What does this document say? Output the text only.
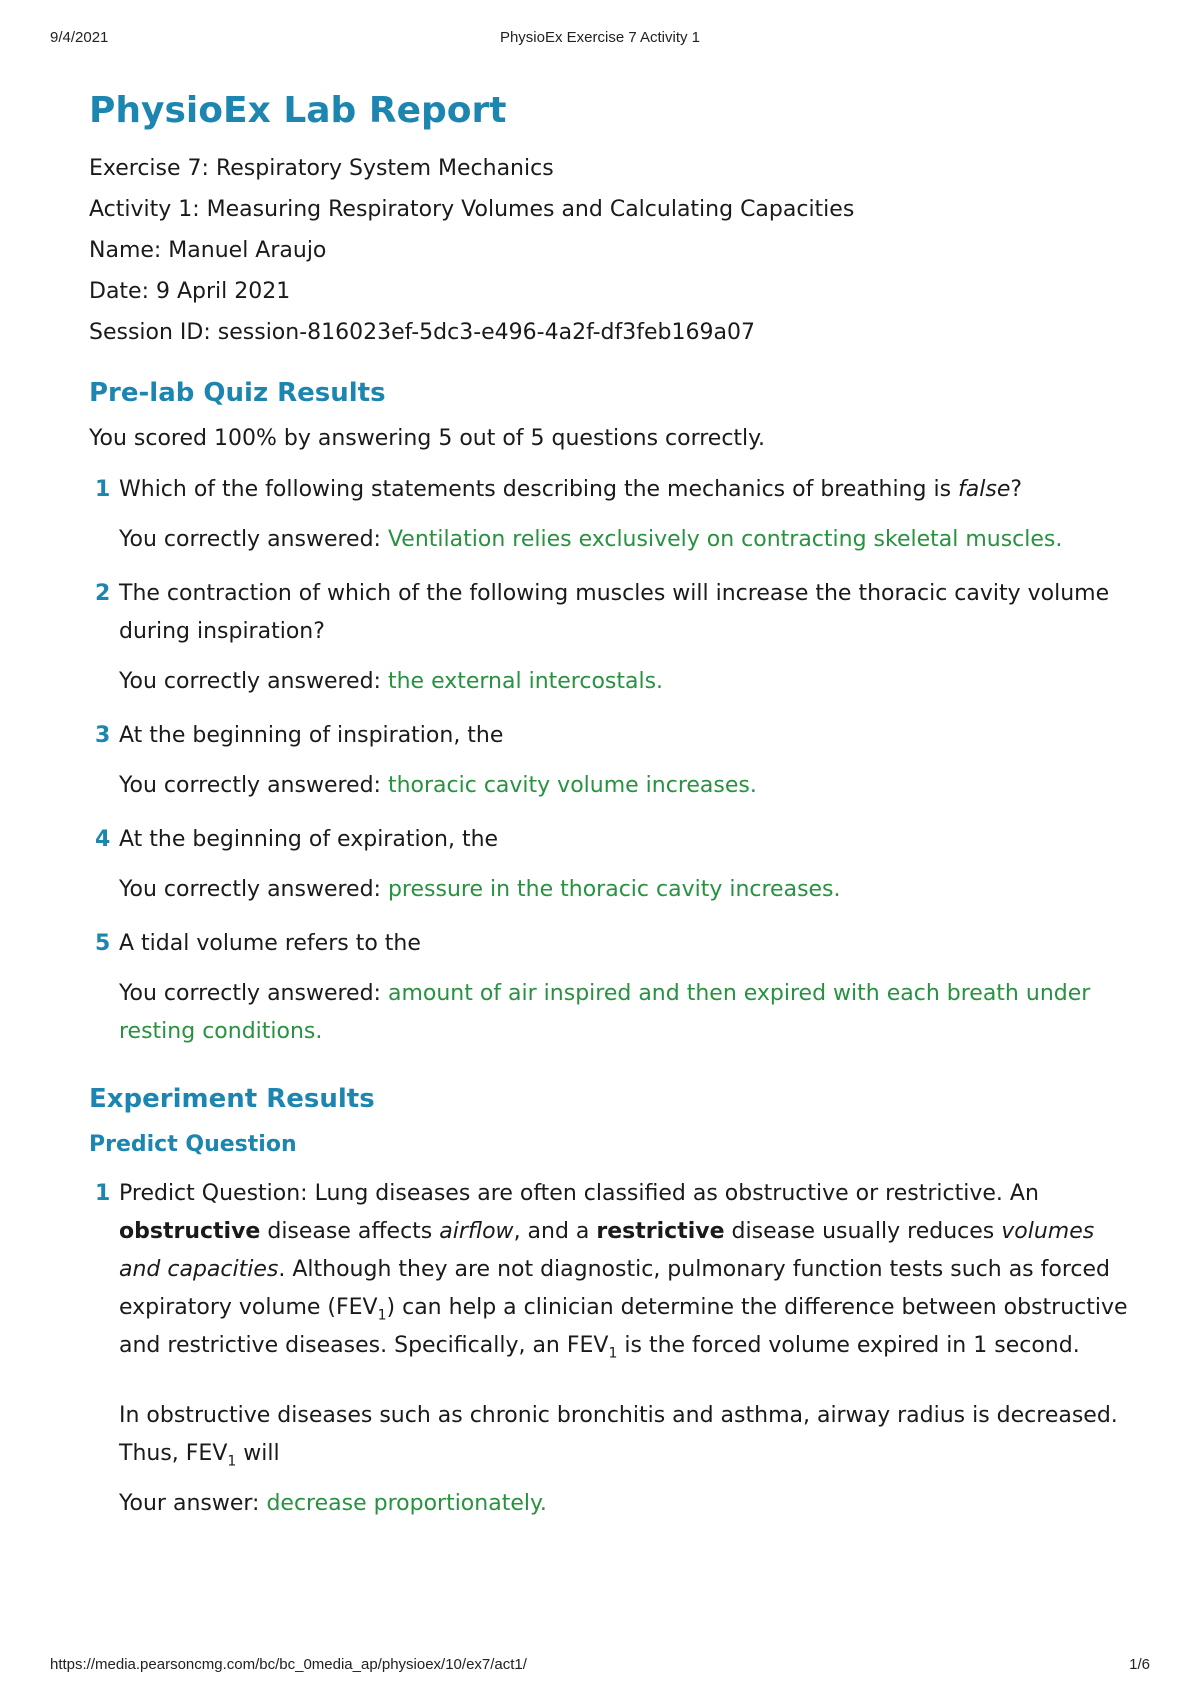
9/4/2021	PhysioEx Exercise 7 Activity 1
PhysioEx Lab Report
Exercise 7: Respiratory System Mechanics
Activity 1: Measuring Respiratory Volumes and Calculating Capacities
Name: Manuel Araujo
Date: 9 April 2021
Session ID: session-816023ef-5dc3-e496-4a2f-df3feb169a07
Pre-lab Quiz Results
You scored 100% by answering 5 out of 5 questions correctly.
1 Which of the following statements describing the mechanics of breathing is false?
You correctly answered: Ventilation relies exclusively on contracting skeletal muscles.
2 The contraction of which of the following muscles will increase the thoracic cavity volume during inspiration?
You correctly answered: the external intercostals.
3 At the beginning of inspiration, the
You correctly answered: thoracic cavity volume increases.
4 At the beginning of expiration, the
You correctly answered: pressure in the thoracic cavity increases.
5 A tidal volume refers to the
You correctly answered: amount of air inspired and then expired with each breath under resting conditions.
Experiment Results
Predict Question
1 Predict Question: Lung diseases are often classified as obstructive or restrictive. An obstructive disease affects airflow, and a restrictive disease usually reduces volumes and capacities. Although they are not diagnostic, pulmonary function tests such as forced expiratory volume $(FEV_1)$ can help a clinician determine the difference between obstructive and restrictive diseases. Specifically, an $FEV_1$ is the forced volume expired in 1 second.
In obstructive diseases such as chronic bronchitis and asthma, airway radius is decreased. Thus, $FEV_1$ will
Your answer: decrease proportionately.
https://media.pearsoncmg.com/bc/bc_0media_ap/physioex/10/ex7/act1/	1/6
